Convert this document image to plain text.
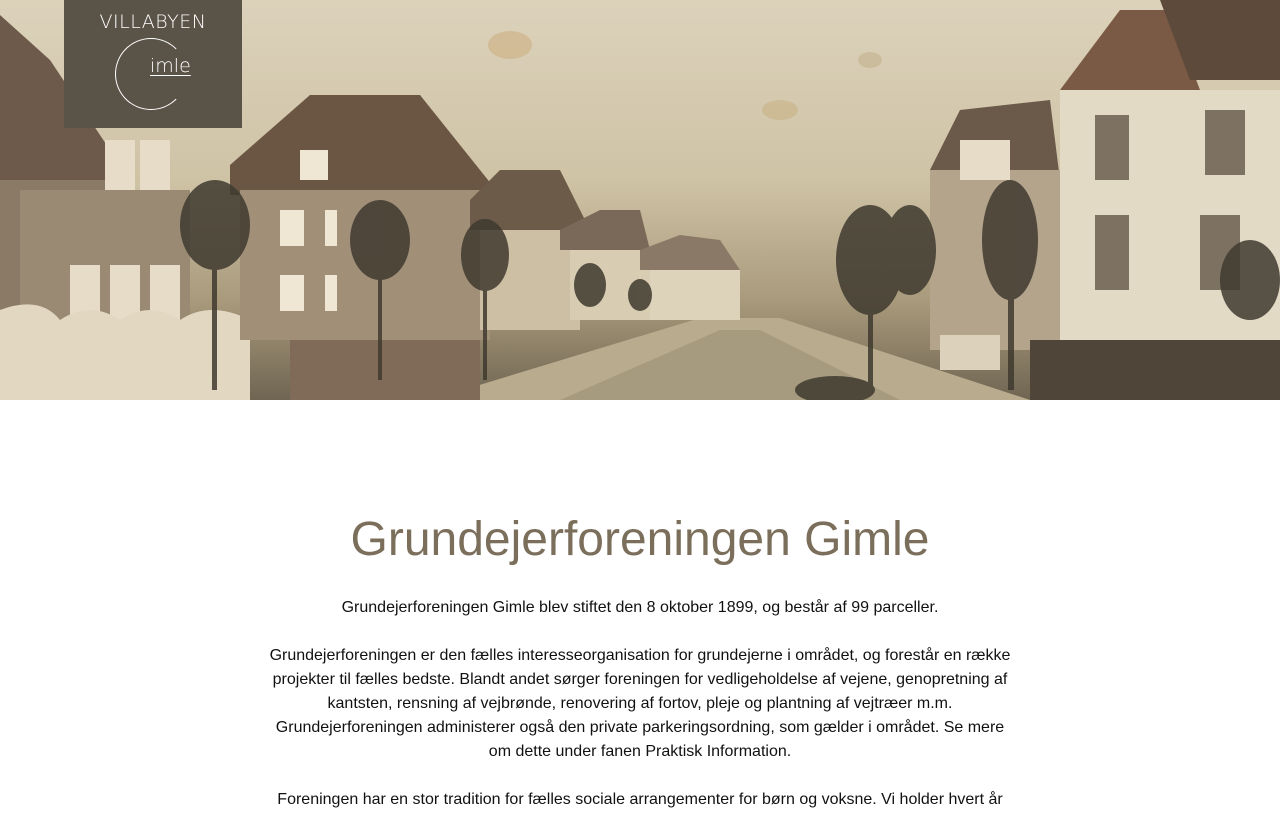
VILLABYEN
imle
Grundejerforeningen Gimle

Grundejerforeningen Gimle blev stiftet den 8 oktober 1899, og består af 99 parceller.

Grundejerforeningen er den fælles interesseorganisation for grundejerne i området, og forestår en række projekter til fælles bedste. Blandt andet sørger foreningen for vedligeholdelse af vejene, genopretning af kantsten, rensning af vejbrønde, renovering af fortov, pleje og plantning af vejtræer m.m. Grundejerforeningen administerer også den private parkeringsordning, som gælder i området. Se mere om dette under fanen Praktisk Information.

Foreningen har en stor tradition for fælles sociale arrangementer for børn og voksne. Vi holder hvert år
